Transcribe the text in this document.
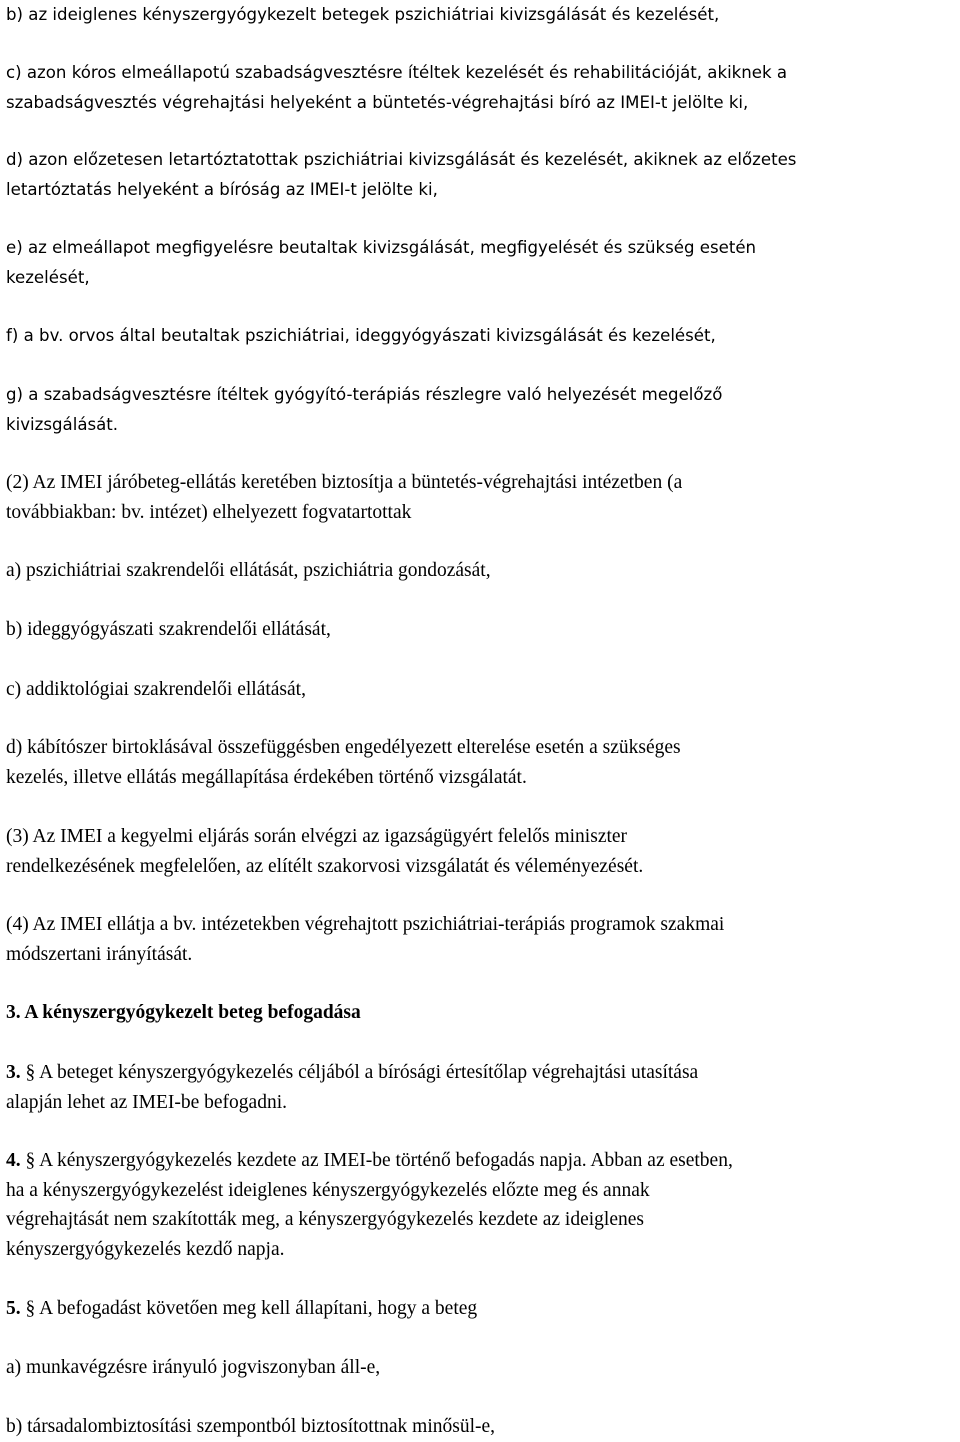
b) az ideiglenes kényszergyógykezelt betegek pszichiátriai kivizsgálását és kezelését,

c) azon kóros elmeállapotú szabadságvesztésre ítéltek kezelését és rehabilitációját, akiknek a
szabadságvesztés végrehajtási helyeként a büntetés-végrehajtási bíró az IMEI-t jelölte ki,

d) azon előzetesen letartóztatottak pszichiátriai kivizsgálását és kezelését, akiknek az előzetes
letartóztatás helyeként a bíróság az IMEI-t jelölte ki,

e) az elmeállapot megfigyelésre beutaltak kivizsgálását, megfigyelését és szükség esetén
kezelését,

f) a bv. orvos által beutaltak pszichiátriai, ideggyógyászati kivizsgálását és kezelését,

g) a szabadságvesztésre ítéltek gyógyító-terápiás részlegre való helyezését megelőző
kivizsgálását.

(2) Az IMEI járóbeteg-ellátás keretében biztosítja a büntetés-végrehajtási intézetben (a
továbbiakban: bv. intézet) elhelyezett fogvatartottak

a) pszichiátriai szakrendelői ellátását, pszichiátria gondozását,

b) ideggyógyászati szakrendelői ellátását,

c) addiktológiai szakrendelői ellátását,

d) kábítószer birtoklásával összefüggésben engedélyezett elterelése esetén a szükséges
kezelés, illetve ellátás megállapítása érdekében történő vizsgálatát.

(3) Az IMEI a kegyelmi eljárás során elvégzi az igazságügyért felelős miniszter
rendelkezésének megfelelően, az elítélt szakorvosi vizsgálatát és véleményezését.

(4) Az IMEI ellátja a bv. intézetekben végrehajtott pszichiátriai-terápiás programok szakmai
módszertani irányítását.

3. A kényszergyógykezelt beteg befogadása

3. § A beteget kényszergyógykezelés céljából a bírósági értesítőlap végrehajtási utasítása
alapján lehet az IMEI-be befogadni.

4. § A kényszergyógykezelés kezdete az IMEI-be történő befogadás napja. Abban az esetben,
ha a kényszergyógykezelést ideiglenes kényszergyógykezelés előzte meg és annak
végrehajtását nem szakították meg, a kényszergyógykezelés kezdete az ideiglenes
kényszergyógykezelés kezdő napja.

5. § A befogadást követően meg kell állapítani, hogy a beteg

a) munkavégzésre irányuló jogviszonyban áll-e,

b) társadalombiztosítási szempontból biztosítottnak minősül-e,
